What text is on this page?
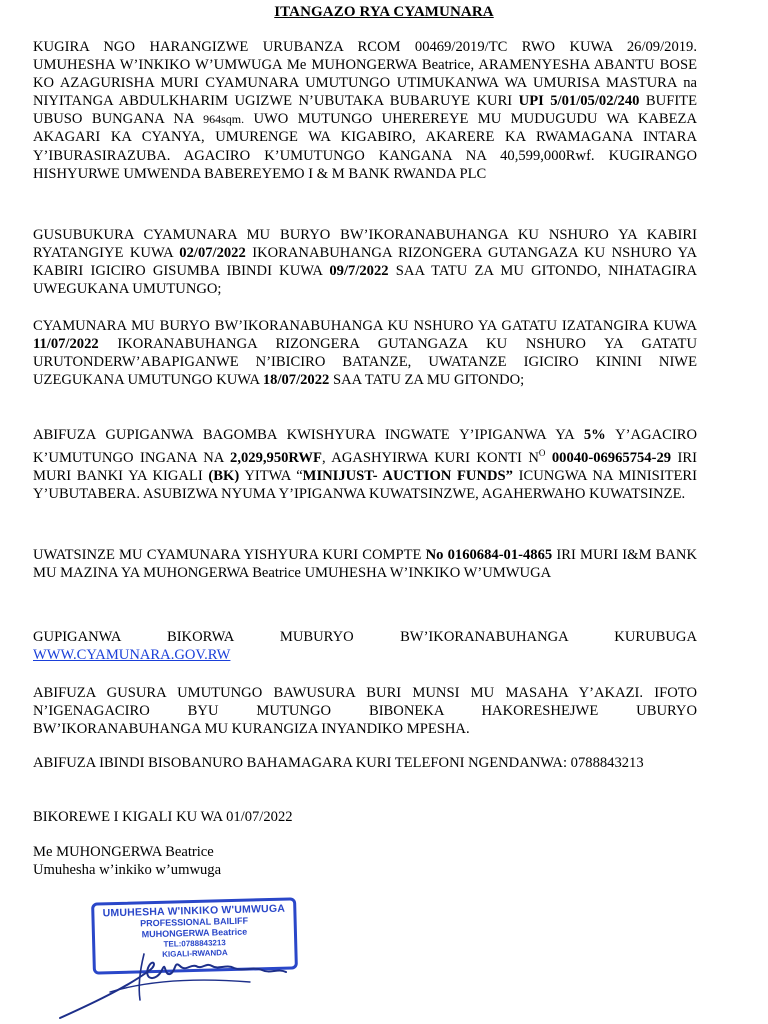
ITANGAZO RYA CYAMUNARA

KUGIRA NGO HARANGIZWE URUBANZA RCOM 00469/2019/TC RWO KUWA 26/09/2019. UMUHESHA W’INKIKO W’UMWUGA Me MUHONGERWA Beatrice, ARAMENYESHA ABANTU BOSE KO AZAGURISHA MURI CYAMUNARA UMUTUNGO UTIMUKANWA WA UMURISA MASTURA na NIYITANGA ABDULKHARIM UGIZWE N’UBUTAKA BUBARUYE KURI UPI 5/01/05/02/240 BUFITE UBUSO BUNGANA NA 964sqm. UWO MUTUNGO UHEREREYE MU MUDUGUDU WA KABEZA AKAGARI KA CYANYA, UMURENGE WA KIGABIRO, AKARERE KA RWAMAGANA INTARA Y’IBURASIRAZUBA. AGACIRO K’UMUTUNGO KANGANA NA 40,599,000Rwf. KUGIRANGO HISHYURWE UMWENDA BABEREYEMO I & M BANK RWANDA PLC

GUSUBUKURA CYAMUNARA MU BURYO BW’IKORANABUHANGA KU NSHURO YA KABIRI RYATANGIYE KUWA 02/07/2022 IKORANABUHANGA RIZONGERA GUTANGAZA KU NSHURO YA KABIRI IGICIRO GISUMBA IBINDI KUWA 09/7/2022 SAA TATU ZA MU GITONDO, NIHATAGIRA UWEGUKANA UMUTUNGO;

CYAMUNARA MU BURYO BW’IKORANABUHANGA KU NSHURO YA GATATU IZATANGIRA KUWA 11/07/2022 IKORANABUHANGA RIZONGERA GUTANGAZA KU NSHURO YA GATATU URUTONDERW’ABAPIGANWE N’IBICIRO BATANZE, UWATANZE IGICIRO KININI NIWE UZEGUKANA UMUTUNGO KUWA 18/07/2022 SAA TATU ZA MU GITONDO;

ABIFUZA GUPIGANWA BAGOMBA KWISHYURA INGWATE Y’IPIGANWA YA 5% Y’AGACIRO K’UMUTUNGO INGANA NA 2,029,950RWF, AGASHYIRWA KURI KONTI $N^O$ 00040-06965754-29 IRI MURI BANKI YA KIGALI (BK) YITWA “MINIJUST- AUCTION FUNDS” ICUNGWA NA MINISITERI Y’UBUTABERA. ASUBIZWA NYUMA Y’IPIGANWA KUWATSINZWE, AGAHERWAHO KUWATSINZE.

UWATSINZE MU CYAMUNARA YISHYURA KURI COMPTE No 0160684-01-4865 IRI MURI I&M BANK MU MAZINA YA MUHONGERWA Beatrice UMUHESHA W’INKIKO W’UMWUGA

GUPIGANWA BIKORWA MUBURYO BW’IKORANABUHANGA KURUBUGA

WWW.CYAMUNARA.GOV.RW

ABIFUZA GUSURA UMUTUNGO BAWUSURA BURI MUNSI MU MASAHA Y’AKAZI. IFOTO N’IGENAGACIRO BYU MUTUNGO BIBONEKA HAKORESHEJWE UBURYO BW’IKORANABUHANGA MU KURANGIZA INYANDIKO MPESHA.

ABIFUZA IBINDI BISOBANURO BAHAMAGARA KURI TELEFONI NGENDANWA: 0788843213

BIKOREWE I KIGALI KU WA 01/07/2022

Me MUHONGERWA Beatrice
Umuhesha w’inkiko w’umwuga
UMUHESHA W'INKIKO W'UMWUGA
PROFESSIONAL BAILIFF
MUHONGERWA Beatrice
TEL:0788843213
KIGALI-RWANDA
